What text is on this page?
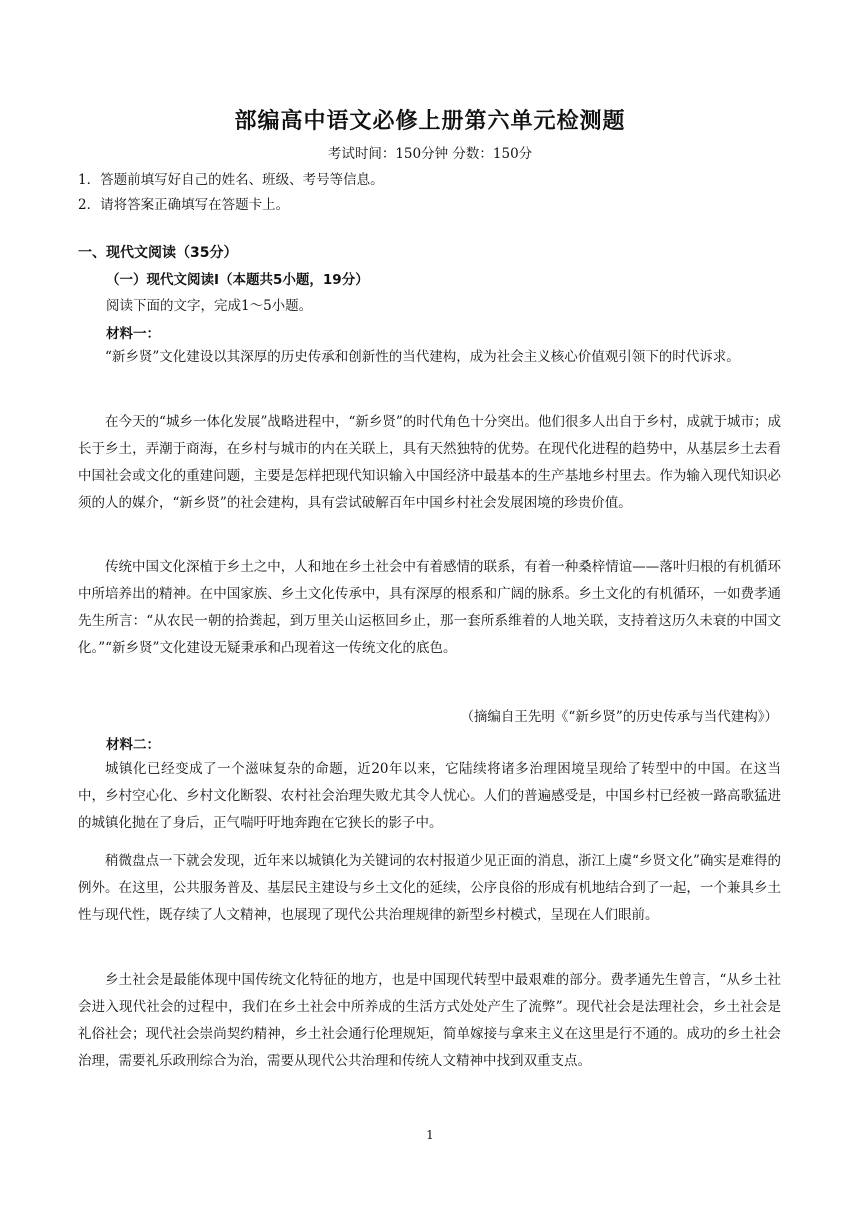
部编高中语文必修上册第六单元检测题
考试时间：150分钟 分数：150分
1．答题前填写好自己的姓名、班级、考号等信息。
2．请将答案正确填写在答题卡上。
一、现代文阅读（35分）
（一）现代文阅读Ⅰ（本题共5小题，19分）
阅读下面的文字，完成1～5小题。
材料一：

“新乡贤”文化建设以其深厚的历史传承和创新性的当代建构，成为社会主义核心价值观引领下的时代诉求。

在今天的“城乡一体化发展”战略进程中，“新乡贤”的时代角色十分突出。他们很多人出自于乡村，成就于城市；成长于乡土，弄潮于商海，在乡村与城市的内在关联上，具有天然独特的优势。在现代化进程的趋势中，从基层乡土去看中国社会或文化的重建问题，主要是怎样把现代知识输入中国经济中最基本的生产基地乡村里去。作为输入现代知识必须的人的媒介，“新乡贤”的社会建构，具有尝试破解百年中国乡村社会发展困境的珍贵价值。

传统中国文化深植于乡土之中，人和地在乡土社会中有着感情的联系，有着一种桑梓情谊——落叶归根的有机循环中所培养出的精神。在中国家族、乡土文化传承中，具有深厚的根系和广阔的脉系。乡土文化的有机循环，一如费孝通先生所言：“从农民一朝的拾粪起，到万里关山运柩回乡止，那一套所系维着的人地关联，支持着这历久未衰的中国文化。”“新乡贤”文化建设无疑秉承和凸现着这一传统文化的底色。

（摘编自王先明《“新乡贤”的历史传承与当代建构》）
材料二：

城镇化已经变成了一个滋味复杂的命题，近20年以来，它陆续将诸多治理困境呈现给了转型中的中国。在这当中，乡村空心化、乡村文化断裂、农村社会治理失败尤其令人忧心。人们的普遍感受是，中国乡村已经被一路高歌猛进的城镇化抛在了身后，正气喘吁吁地奔跑在它狭长的影子中。

稍微盘点一下就会发现，近年来以城镇化为关键词的农村报道少见正面的消息，浙江上虞“乡贤文化”确实是难得的例外。在这里，公共服务普及、基层民主建设与乡土文化的延续，公序良俗的形成有机地结合到了一起，一个兼具乡土性与现代性，既存续了人文精神，也展现了现代公共治理规律的新型乡村模式，呈现在人们眼前。

乡土社会是最能体现中国传统文化特征的地方，也是中国现代转型中最艰难的部分。费孝通先生曾言，“从乡土社会进入现代社会的过程中，我们在乡土社会中所养成的生活方式处处产生了流弊”。现代社会是法理社会，乡土社会是礼俗社会；现代社会崇尚契约精神，乡土社会通行伦理规矩，简单嫁接与拿来主义在这里是行不通的。成功的乡土社会治理，需要礼乐政刑综合为治，需要从现代公共治理和传统人文精神中找到双重支点。

1
